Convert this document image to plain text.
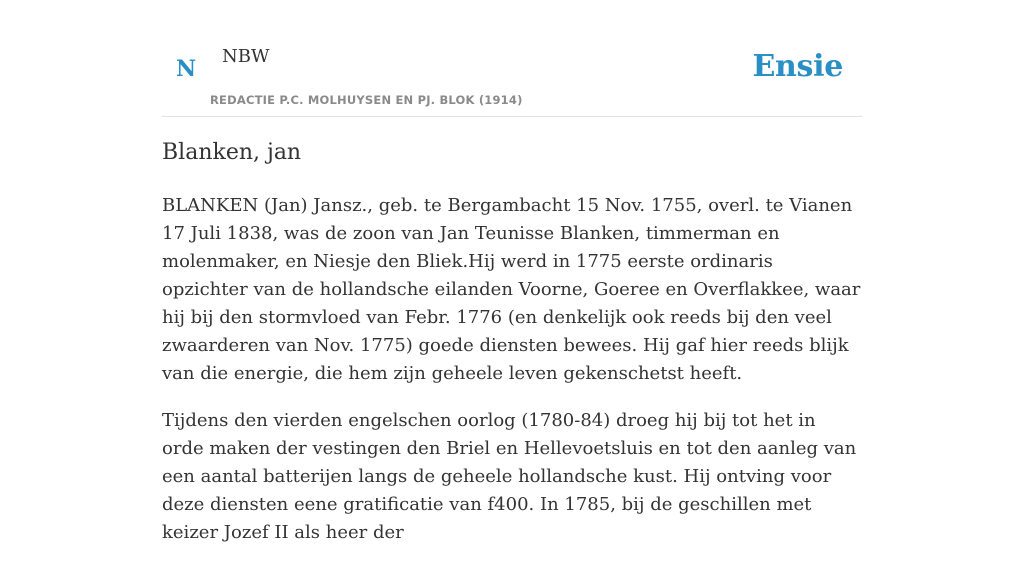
N NBW
REDACTIE P.C. MOLHUYSEN EN PJ. BLOK (1914)
Ensie
Blanken, jan

BLANKEN (Jan) Jansz., geb. te Bergambacht 15 Nov. 1755, overl. te Vianen 17 Juli 1838, was de zoon van Jan Teunisse Blanken, timmerman en molenmaker, en Niesje den Bliek.Hij werd in 1775 eerste ordinaris opzichter van de hollandsche eilanden Voorne, Goeree en Overflakkee, waar hij bij den stormvloed van Febr. 1776 (en denkelijk ook reeds bij den veel zwaarderen van Nov. 1775) goede diensten bewees. Hij gaf hier reeds blijk van die energie, die hem zijn geheele leven gekenschetst heeft.

Tijdens den vierden engelschen oorlog (1780-84) droeg hij bij tot het in orde maken der vestingen den Briel en Hellevoetsluis en tot den aanleg van een aantal batterijen langs de geheele hollandsche kust. Hij ontving voor deze diensten eene gratificatie van f400. In 1785, bij de geschillen met keizer Jozef II als heer der
